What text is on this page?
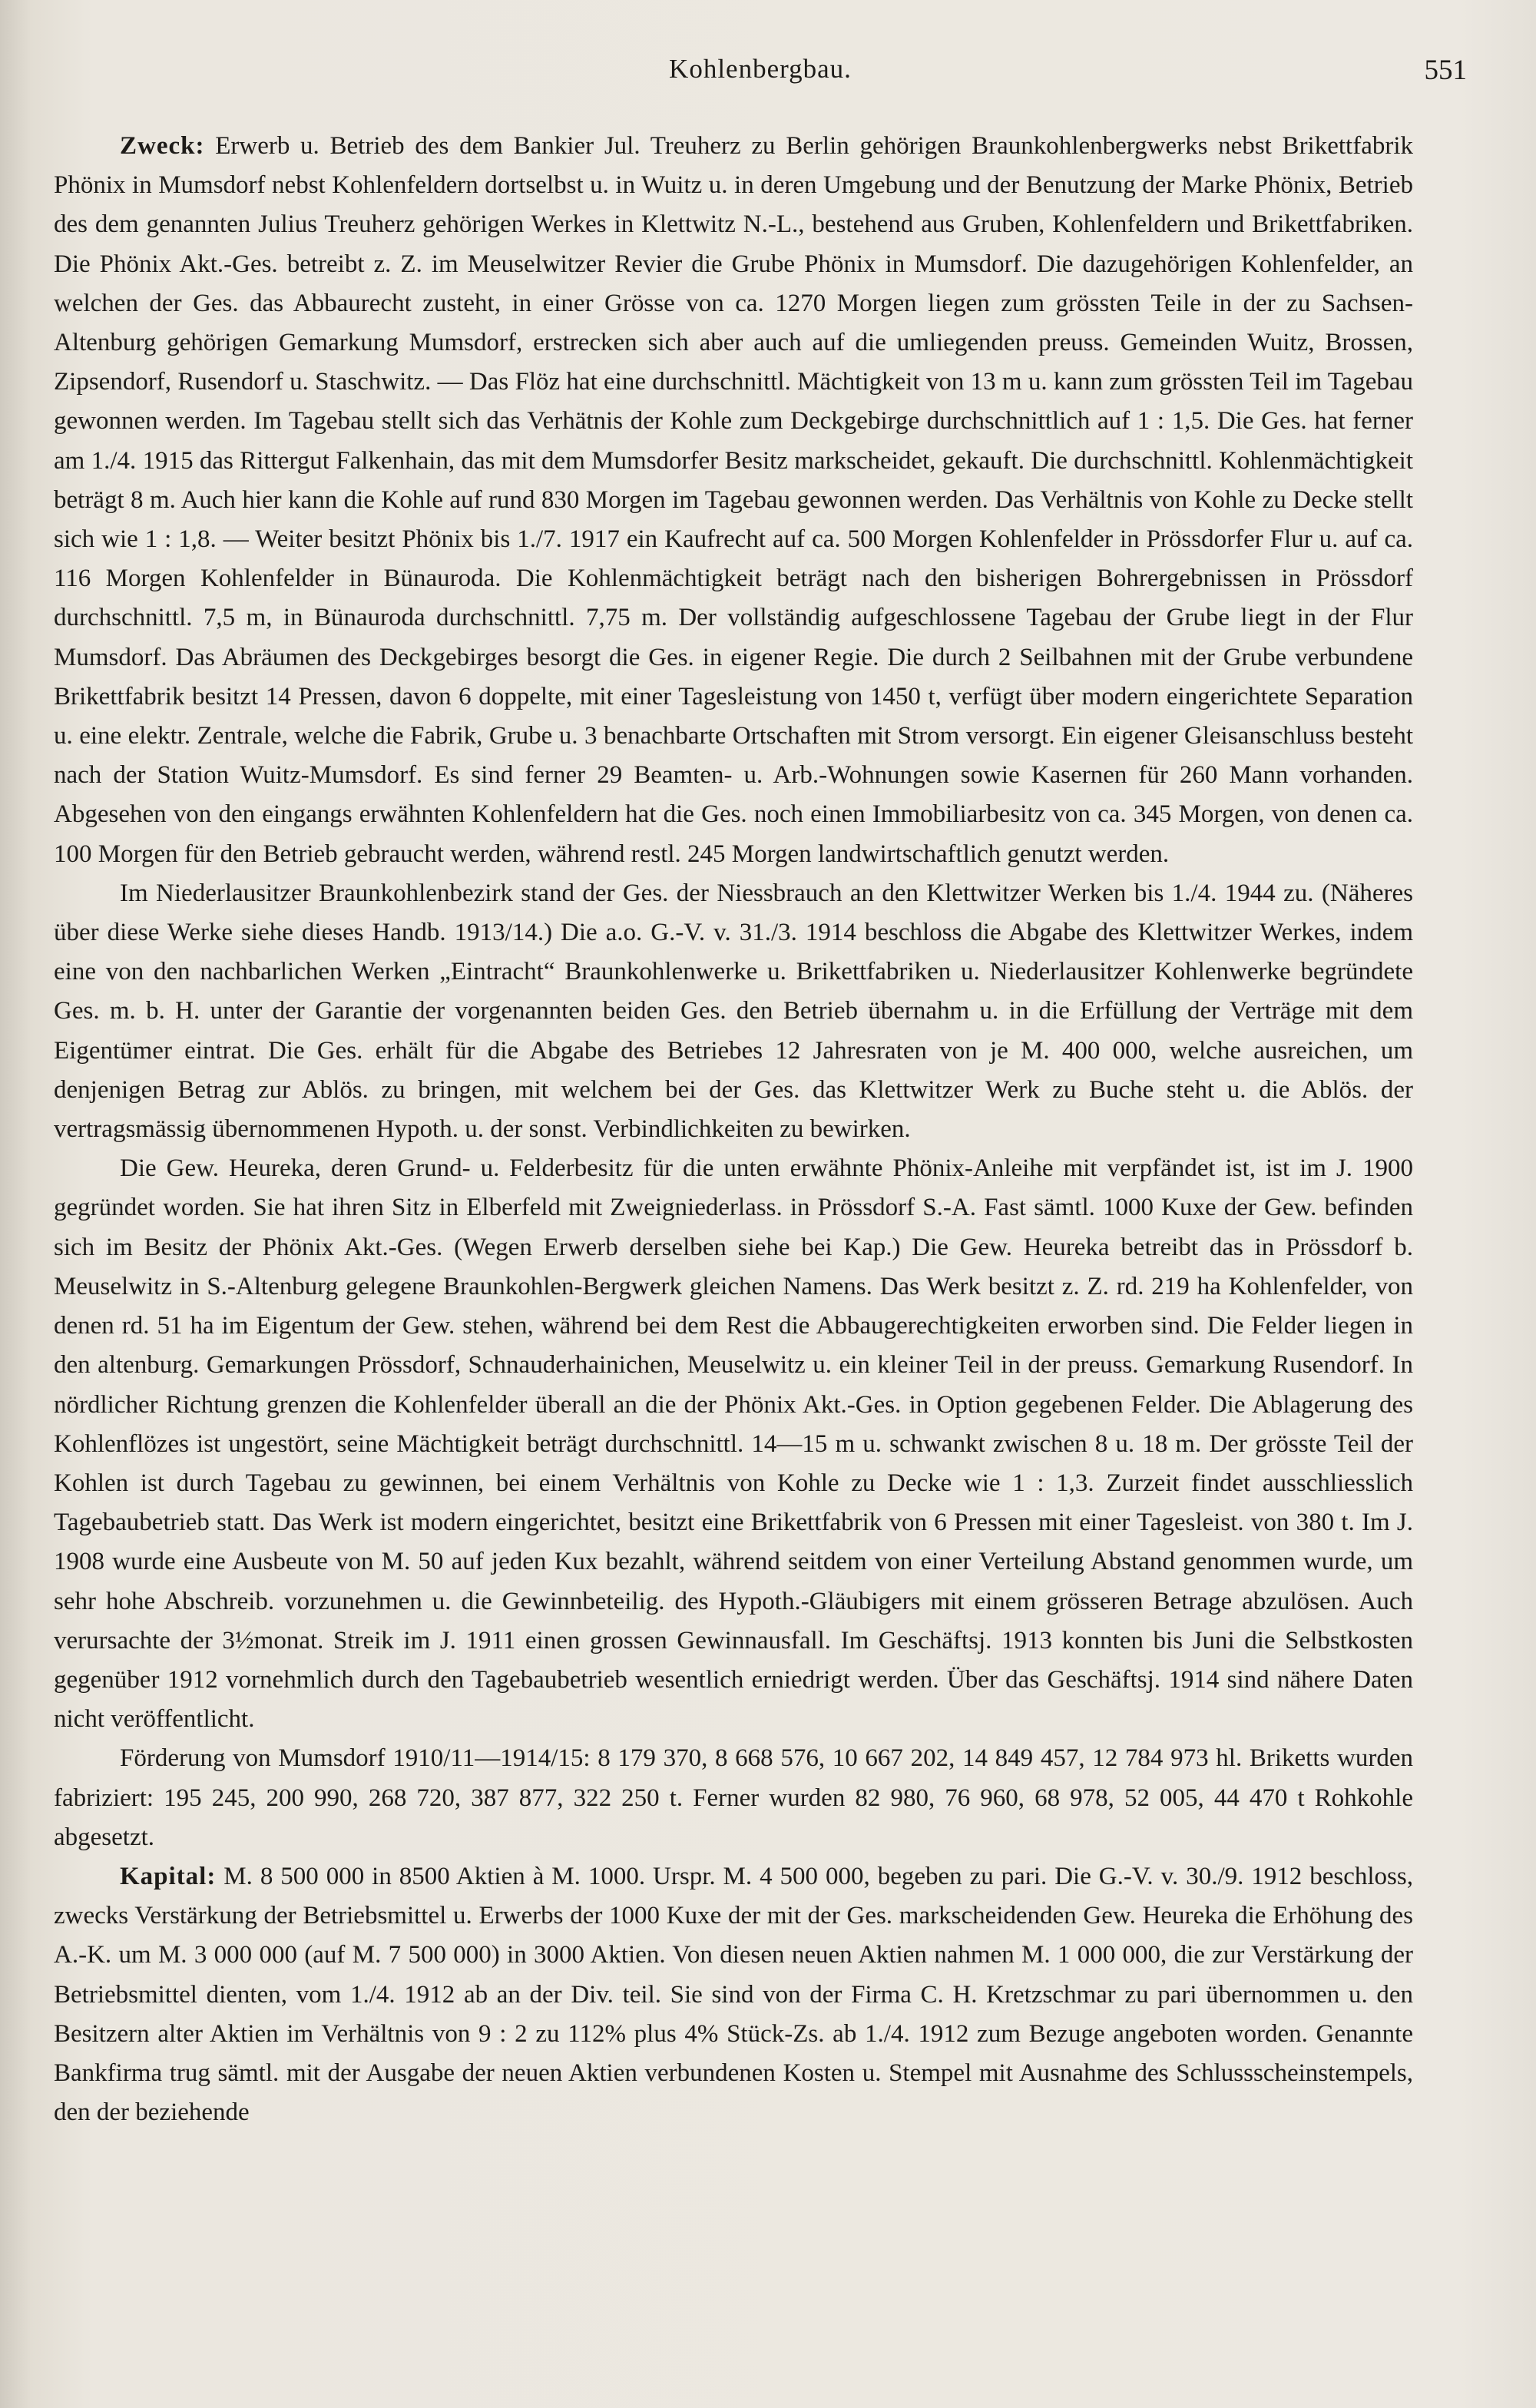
Kohlenbergbau.	551

Zweck: Erwerb u. Betrieb des dem Bankier Jul. Treuherz zu Berlin gehörigen Braunkohlenbergwerks nebst Brikettfabrik Phönix in Mumsdorf nebst Kohlenfeldern dortselbst u. in Wuitz u. in deren Umgebung und der Benutzung der Marke Phönix, Betrieb des dem genannten Julius Treuherz gehörigen Werkes in Klettwitz N.-L., bestehend aus Gruben, Kohlenfeldern und Brikettfabriken. Die Phönix Akt.-Ges. betreibt z. Z. im Meuselwitzer Revier die Grube Phönix in Mumsdorf. Die dazugehörigen Kohlenfelder, an welchen der Ges. das Abbaurecht zusteht, in einer Grösse von ca. 1270 Morgen liegen zum grössten Teile in der zu Sachsen-Altenburg gehörigen Gemarkung Mumsdorf, erstrecken sich aber auch auf die umliegenden preuss. Gemeinden Wuitz, Brossen, Zipsendorf, Rusendorf u. Staschwitz. — Das Flöz hat eine durchschnittl. Mächtigkeit von 13 m u. kann zum grössten Teil im Tagebau gewonnen werden. Im Tagebau stellt sich das Verhätnis der Kohle zum Deckgebirge durchschnittlich auf 1 : 1,5. Die Ges. hat ferner am 1./4. 1915 das Rittergut Falkenhain, das mit dem Mumsdorfer Besitz markscheidet, gekauft. Die durchschnittl. Kohlenmächtigkeit beträgt 8 m. Auch hier kann die Kohle auf rund 830 Morgen im Tagebau gewonnen werden. Das Verhältnis von Kohle zu Decke stellt sich wie 1 : 1,8. — Weiter besitzt Phönix bis 1./7. 1917 ein Kaufrecht auf ca. 500 Morgen Kohlenfelder in Prössdorfer Flur u. auf ca. 116 Morgen Kohlenfelder in Bünauroda. Die Kohlenmächtigkeit beträgt nach den bisherigen Bohrergebnissen in Prössdorf durchschnittl. 7,5 m, in Bünauroda durchschnittl. 7,75 m. Der vollständig aufgeschlossene Tagebau der Grube liegt in der Flur Mumsdorf. Das Abräumen des Deckgebirges besorgt die Ges. in eigener Regie. Die durch 2 Seilbahnen mit der Grube verbundene Brikettfabrik besitzt 14 Pressen, davon 6 doppelte, mit einer Tagesleistung von 1450 t, verfügt über modern eingerichtete Separation u. eine elektr. Zentrale, welche die Fabrik, Grube u. 3 benachbarte Ortschaften mit Strom versorgt. Ein eigener Gleisanschluss besteht nach der Station Wuitz-Mumsdorf. Es sind ferner 29 Beamten- u. Arb.-Wohnungen sowie Kasernen für 260 Mann vorhanden. Abgesehen von den eingangs erwähnten Kohlenfeldern hat die Ges. noch einen Immobiliarbesitz von ca. 345 Morgen, von denen ca. 100 Morgen für den Betrieb gebraucht werden, während restl. 245 Morgen landwirtschaftlich genutzt werden.

Im Niederlausitzer Braunkohlenbezirk stand der Ges. der Niessbrauch an den Klettwitzer Werken bis 1./4. 1944 zu. (Näheres über diese Werke siehe dieses Handb. 1913/14.) Die a.o. G.-V. v. 31./3. 1914 beschloss die Abgabe des Klettwitzer Werkes, indem eine von den nachbarlichen Werken „Eintracht“ Braunkohlenwerke u. Brikettfabriken u. Niederlausitzer Kohlenwerke begründete Ges. m. b. H. unter der Garantie der vorgenannten beiden Ges. den Betrieb übernahm u. in die Erfüllung der Verträge mit dem Eigentümer eintrat. Die Ges. erhält für die Abgabe des Betriebes 12 Jahresraten von je M. 400 000, welche ausreichen, um denjenigen Betrag zur Ablös. zu bringen, mit welchem bei der Ges. das Klettwitzer Werk zu Buche steht u. die Ablös. der vertragsmässig übernommenen Hypoth. u. der sonst. Verbindlichkeiten zu bewirken.

Die Gew. Heureka, deren Grund- u. Felderbesitz für die unten erwähnte Phönix-Anleihe mit verpfändet ist, ist im J. 1900 gegründet worden. Sie hat ihren Sitz in Elberfeld mit Zweigniederlass. in Prössdorf S.-A. Fast sämtl. 1000 Kuxe der Gew. befinden sich im Besitz der Phönix Akt.-Ges. (Wegen Erwerb derselben siehe bei Kap.) Die Gew. Heureka betreibt das in Prössdorf b. Meuselwitz in S.-Altenburg gelegene Braunkohlen-Bergwerk gleichen Namens. Das Werk besitzt z. Z. rd. 219 ha Kohlenfelder, von denen rd. 51 ha im Eigentum der Gew. stehen, während bei dem Rest die Abbaugerechtigkeiten erworben sind. Die Felder liegen in den altenburg. Gemarkungen Prössdorf, Schnauderhainichen, Meuselwitz u. ein kleiner Teil in der preuss. Gemarkung Rusendorf. In nördlicher Richtung grenzen die Kohlenfelder überall an die der Phönix Akt.-Ges. in Option gegebenen Felder. Die Ablagerung des Kohlenflözes ist ungestört, seine Mächtigkeit beträgt durchschnittl. 14—15 m u. schwankt zwischen 8 u. 18 m. Der grösste Teil der Kohlen ist durch Tagebau zu gewinnen, bei einem Verhältnis von Kohle zu Decke wie 1 : 1,3. Zurzeit findet ausschliesslich Tagebaubetrieb statt. Das Werk ist modern eingerichtet, besitzt eine Brikettfabrik von 6 Pressen mit einer Tagesleist. von 380 t. Im J. 1908 wurde eine Ausbeute von M. 50 auf jeden Kux bezahlt, während seitdem von einer Verteilung Abstand genommen wurde, um sehr hohe Abschreib. vorzunehmen u. die Gewinnbeteilig. des Hypoth.-Gläubigers mit einem grösseren Betrage abzulösen. Auch verursachte der 3½monat. Streik im J. 1911 einen grossen Gewinnausfall. Im Geschäftsj. 1913 konnten bis Juni die Selbstkosten gegenüber 1912 vornehmlich durch den Tagebaubetrieb wesentlich erniedrigt werden. Über das Geschäftsj. 1914 sind nähere Daten nicht veröffentlicht.

Förderung von Mumsdorf 1910/11—1914/15: 8 179 370, 8 668 576, 10 667 202, 14 849 457, 12 784 973 hl. Briketts wurden fabriziert: 195 245, 200 990, 268 720, 387 877, 322 250 t. Ferner wurden 82 980, 76 960, 68 978, 52 005, 44 470 t Rohkohle abgesetzt.

Kapital: M. 8 500 000 in 8500 Aktien à M. 1000. Urspr. M. 4 500 000, begeben zu pari. Die G.-V. v. 30./9. 1912 beschloss, zwecks Verstärkung der Betriebsmittel u. Erwerbs der 1000 Kuxe der mit der Ges. markscheidenden Gew. Heureka die Erhöhung des A.-K. um M. 3 000 000 (auf M. 7 500 000) in 3000 Aktien. Von diesen neuen Aktien nahmen M. 1 000 000, die zur Verstärkung der Betriebsmittel dienten, vom 1./4. 1912 ab an der Div. teil. Sie sind von der Firma C. H. Kretzschmar zu pari übernommen u. den Besitzern alter Aktien im Verhältnis von 9 : 2 zu 112% plus 4% Stück-Zs. ab 1./4. 1912 zum Bezuge angeboten worden. Genannte Bankfirma trug sämtl. mit der Ausgabe der neuen Aktien verbundenen Kosten u. Stempel mit Ausnahme des Schlussscheinstempels, den der beziehende
